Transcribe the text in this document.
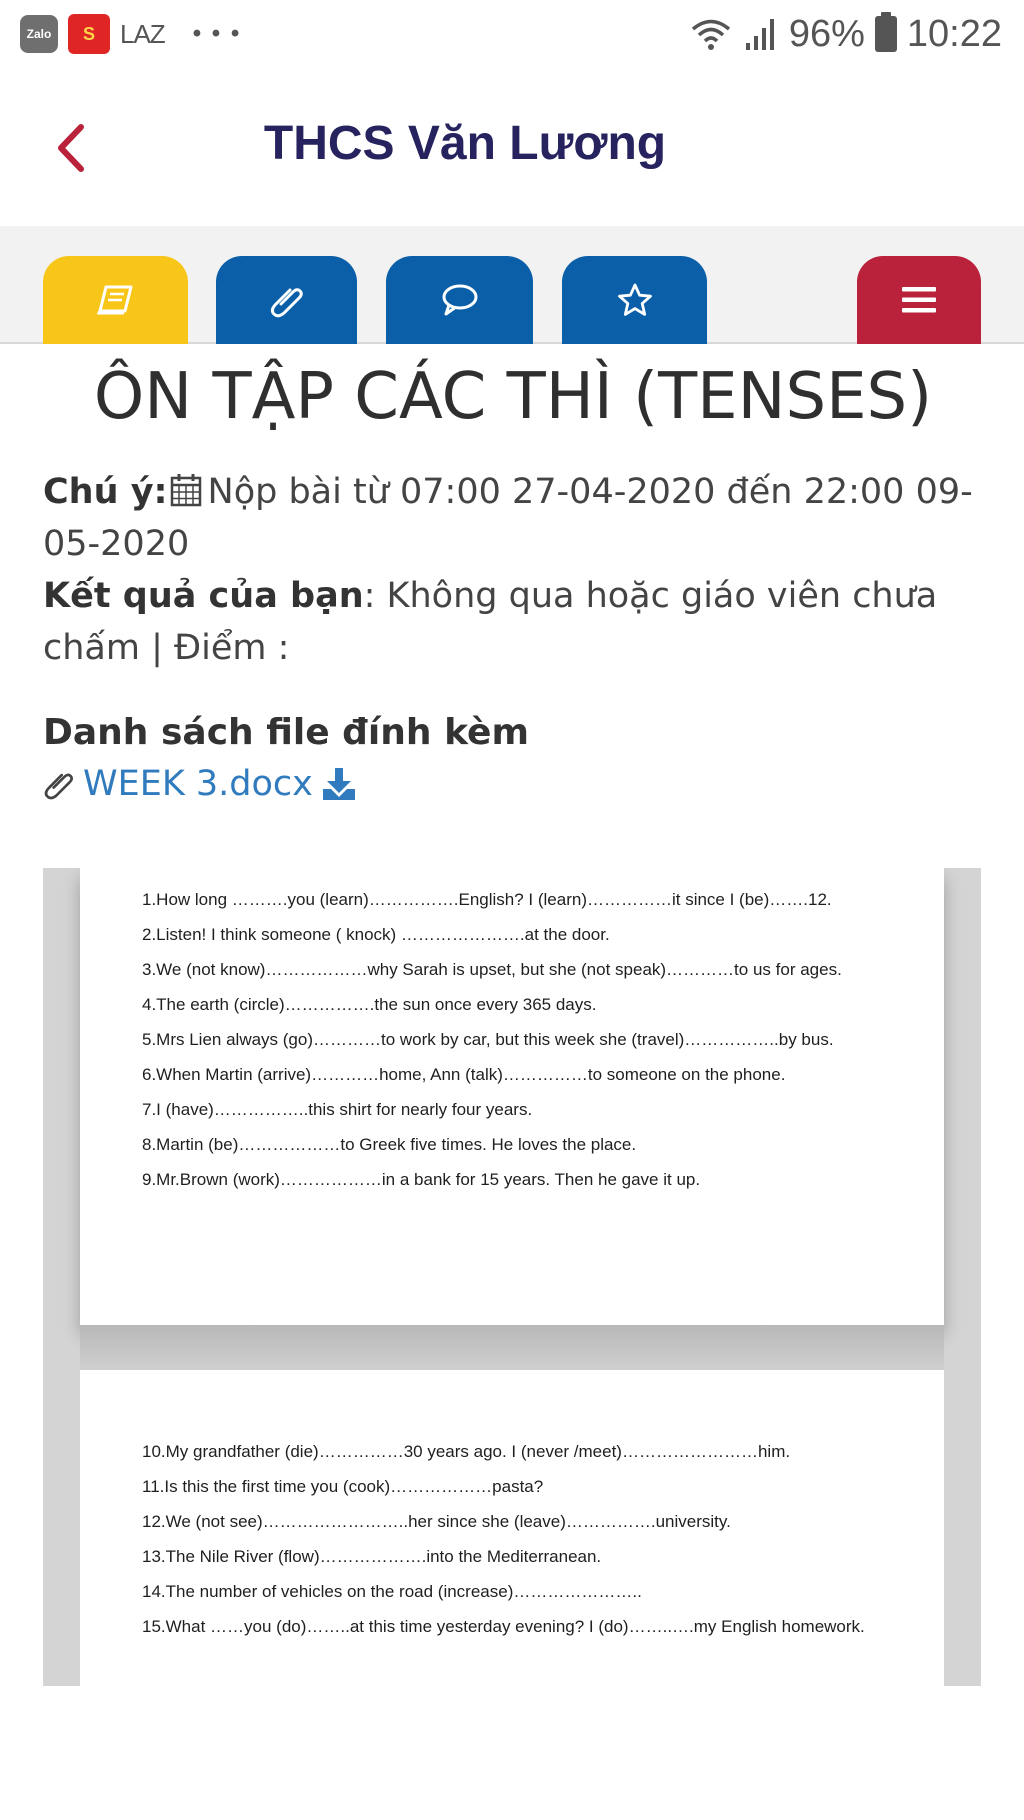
Zalo	S LAZ • • •	96% 10:22
THCS Văn Lương
ÔN TẬP CÁC THÌ (TENSES)
Chú ý: Nộp bài từ 07:00 27-04-2020 đến 22:00 09-05-2020
Kết quả của bạn: Không qua hoặc giáo viên chưa chấm | Điểm :
Danh sách file đính kèm
WEEK 3.docx

1.How long ……….you (learn)…………….English? I (learn)……………it since I (be)…….12.

2.Listen! I think someone ( knock) ………………….at the door.

3.We (not know)………………why Sarah is upset, but she (not speak)…………to us for ages.

4.The earth (circle)…………….the sun once every 365 days.

5.Mrs Lien always (go)…………to work by car, but this week she (travel)……………..by bus.

6.When Martin (arrive)…………home, Ann (talk)……………to someone on the phone.

7.I (have)……………..this shirt for nearly four years.

8.Martin (be)………………to Greek five times. He loves the place.

9.Mr.Brown (work)………………in a bank for 15 years. Then he gave it up.

10.My grandfather (die)……………30 years ago. I (never /meet)……………………him.

11.Is this the first time you (cook)………………pasta?

12.We (not see)……………………..her since she (leave)…………….university.

13.The Nile River (flow)……………….into the Mediterranean.

14.The number of vehicles on the road (increase)…………………..

15.What ……you (do)……..at this time yesterday evening? I (do)……..….my English homework.
